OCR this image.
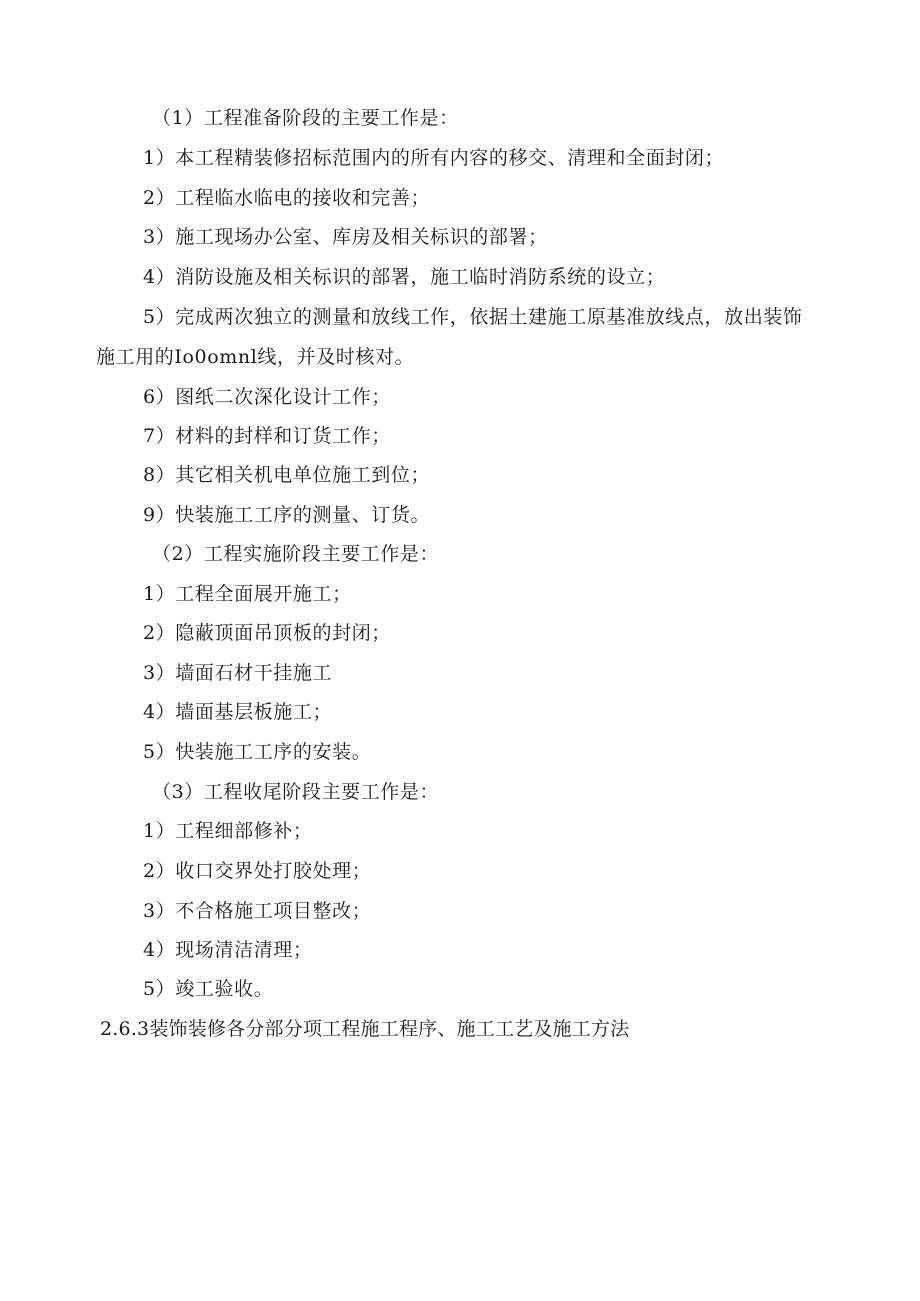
（1）工程准备阶段的主要工作是：
1）本工程精装修招标范围内的所有内容的移交、清理和全面封闭；
2）工程临水临电的接收和完善；
3）施工现场办公室、库房及相关标识的部署；
4）消防设施及相关标识的部署，施工临时消防系统的设立；
5）完成两次独立的测量和放线工作，依据土建施工原基准放线点，放出装饰
施工用的Io0omnl线，并及时核对。
6）图纸二次深化设计工作；
7）材料的封样和订货工作；
8）其它相关机电单位施工到位；
9）快装施工工序的测量、订货。
（2）工程实施阶段主要工作是：
1）工程全面展开施工；
2）隐蔽顶面吊顶板的封闭；
3）墙面石材干挂施工
4）墙面基层板施工；
5）快装施工工序的安装。
（3）工程收尾阶段主要工作是：
1）工程细部修补；
2）收口交界处打胶处理；
3）不合格施工项目整改；
4）现场清洁清理；
5）竣工验收。
2.6.3装饰装修各分部分项工程施工程序、施工工艺及施工方法
